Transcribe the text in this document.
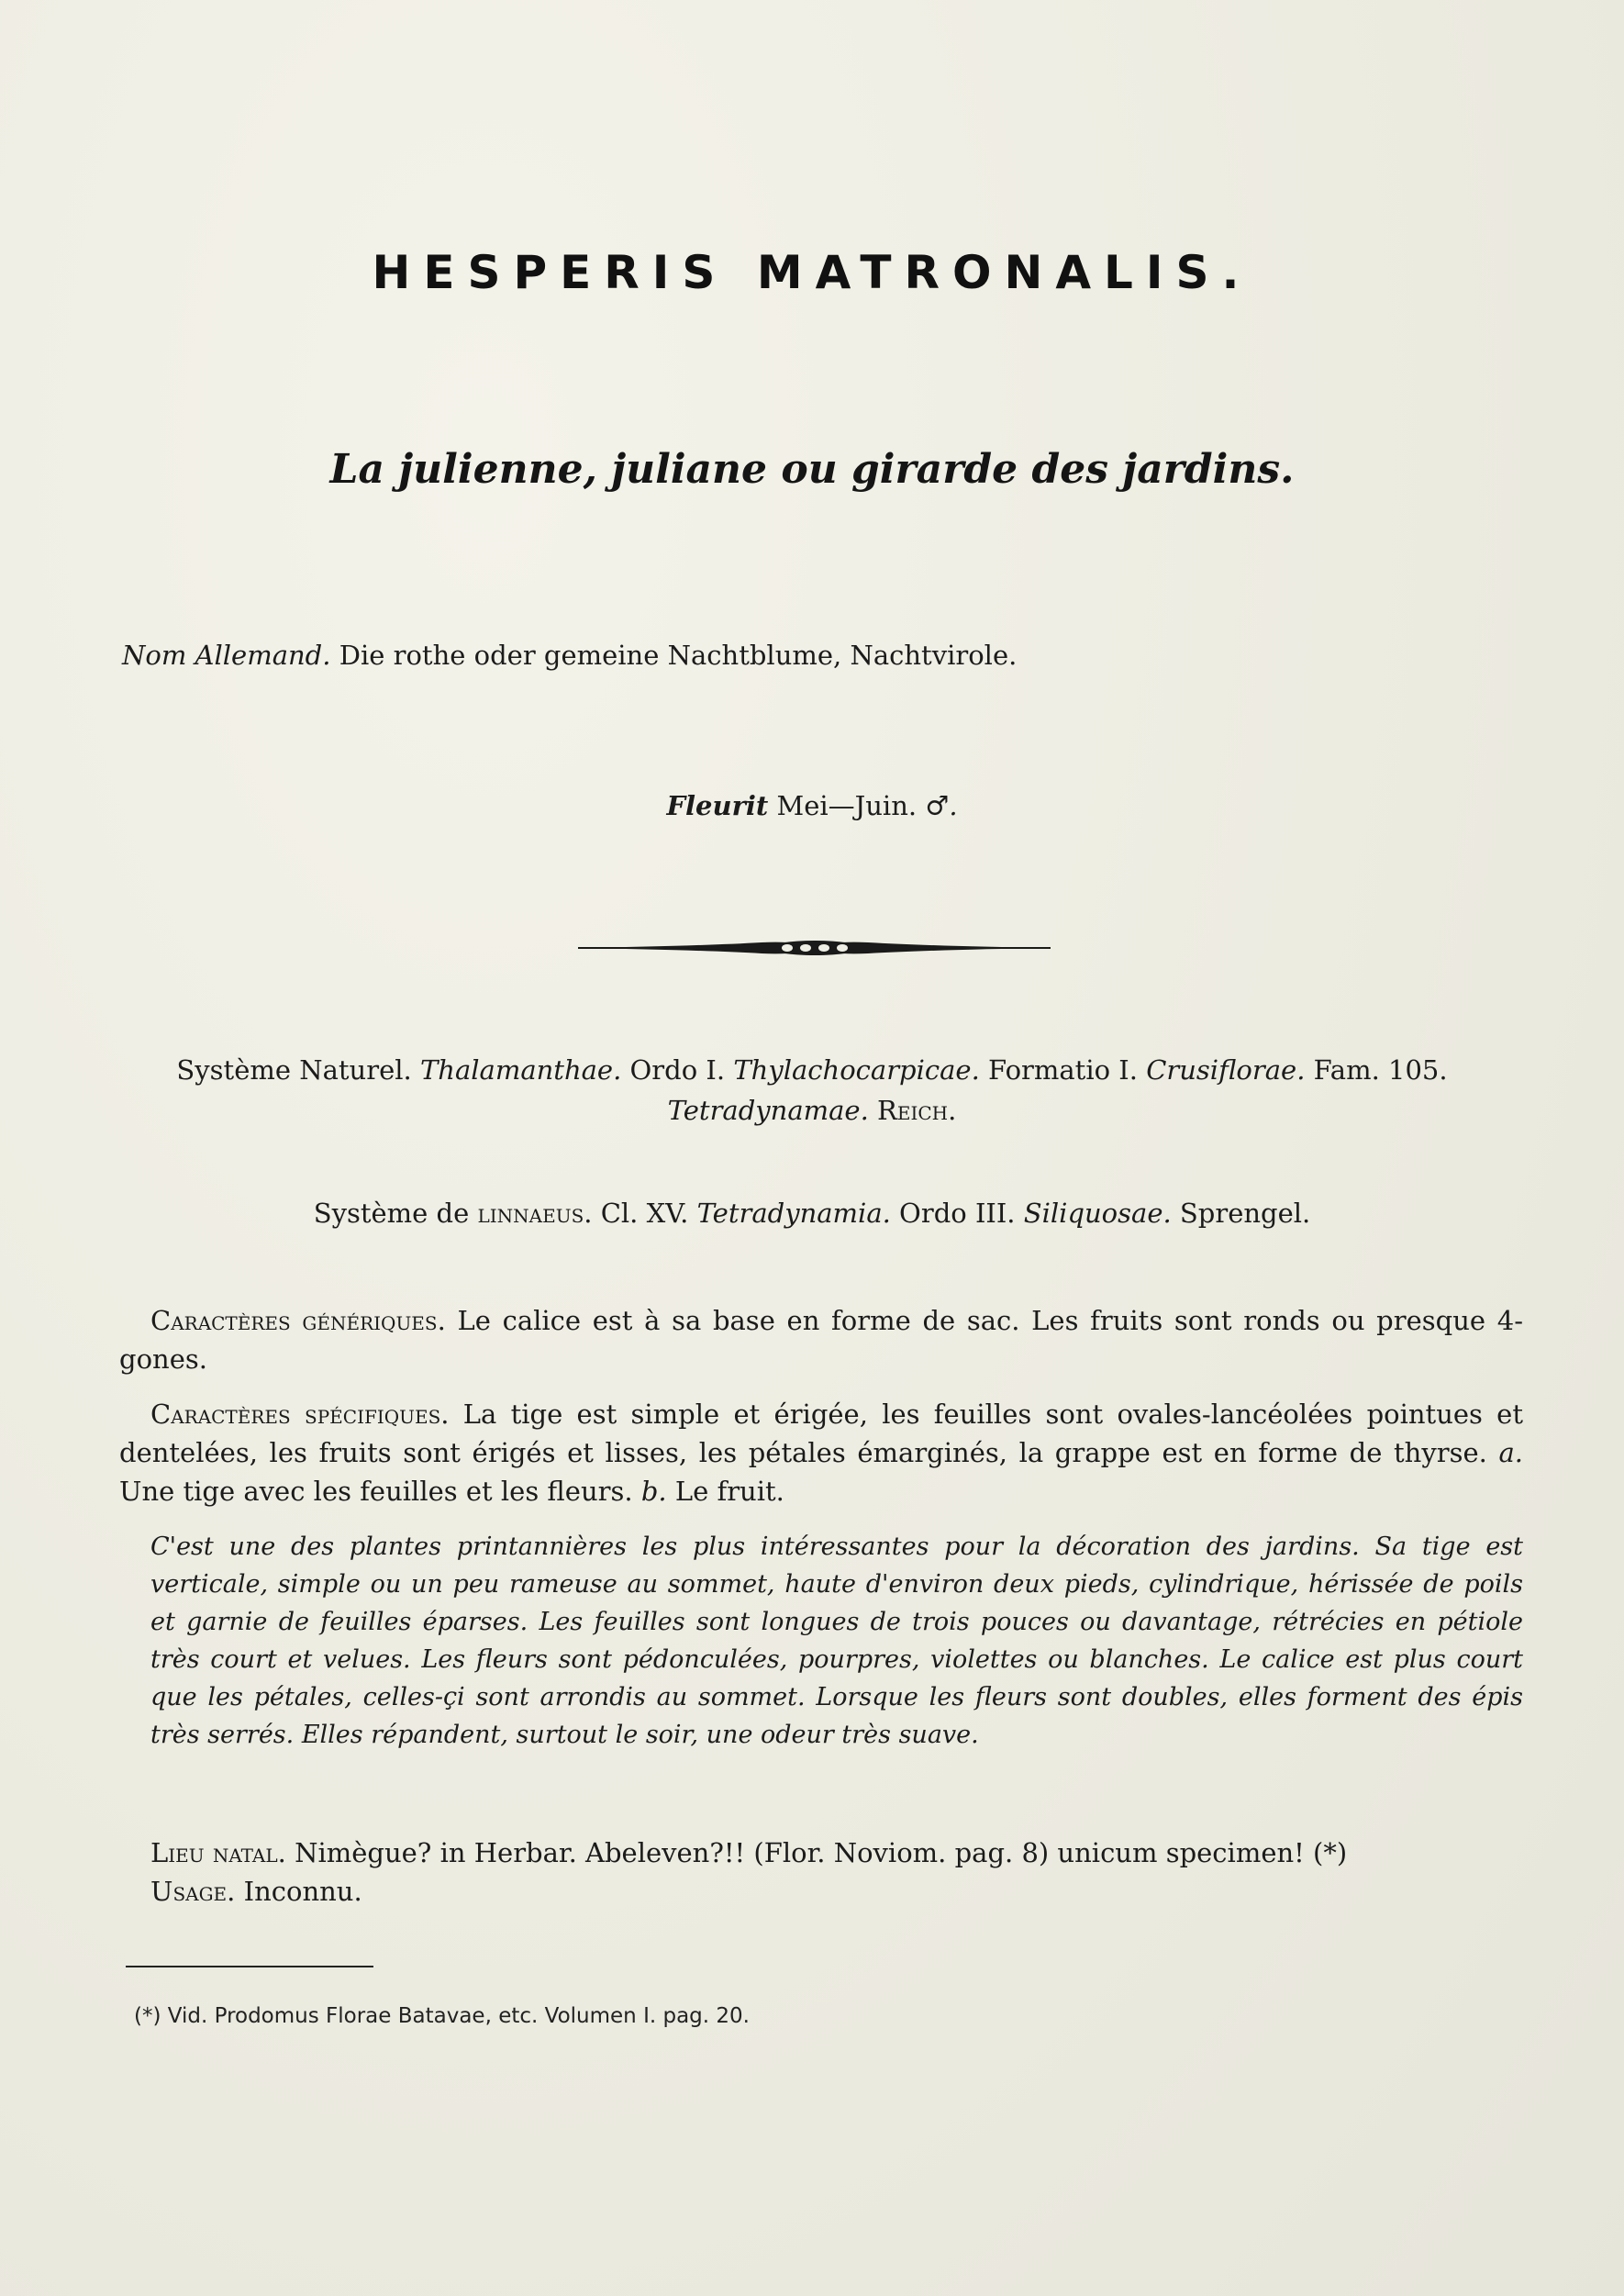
HESPERIS MATRONALIS.
La julienne, juliane ou girarde des jardins.
Nom Allemand. Die rothe oder gemeine Nachtblume, Nachtvirole.
Fleurit Mei—Juin. ♂.
Système Naturel. Thalamanthae. Ordo I. Thylachocarpicae. Formatio I. Crusiflorae. Fam. 105.
Tetradynamae. Reich.
Système de linnaeus. Cl. XV. Tetradynamia. Ordo III. Siliquosae. Sprengel.
Caractères génériques. Le calice est à sa base en forme de sac. Les fruits sont ronds ou presque 4-gones.
Caractères spécifiques. La tige est simple et érigée, les feuilles sont ovales-lancéolées pointues et dentelées, les fruits sont érigés et lisses, les pétales émarginés, la grappe est en forme de thyrse. a. Une tige avec les feuilles et les fleurs. b. Le fruit.
C'est une des plantes printannières les plus intéressantes pour la décoration des jardins. Sa tige est verticale, simple ou un peu rameuse au sommet, haute d'environ deux pieds, cylindrique, hérissée de poils et garnie de feuilles éparses. Les feuilles sont longues de trois pouces ou davantage, rétrécies en pétiole très court et velues. Les fleurs sont pédonculées, pourpres, violettes ou blanches. Le calice est plus court que les pétales, celles-çi sont arrondis au sommet. Lorsque les fleurs sont doubles, elles forment des épis très serrés. Elles répandent, surtout le soir, une odeur très suave.
Lieu natal. Nimègue? in Herbar. Abeleven?!! (Flor. Noviom. pag. 8) unicum specimen! (*)
Usage. Inconnu.
(*) Vid. Prodomus Florae Batavae, etc. Volumen I. pag. 20.
